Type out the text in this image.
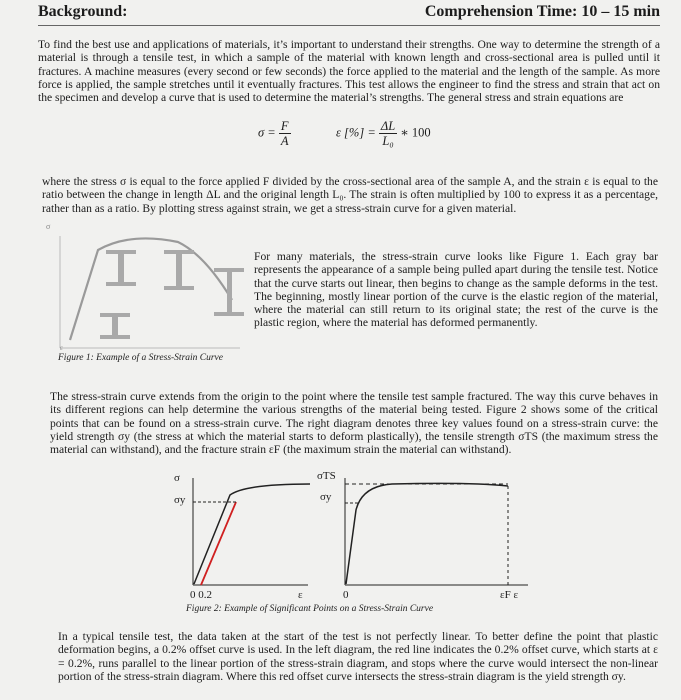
Background:	Comprehension Time: 10 – 15 min

To find the best use and applications of materials, it’s important to understand their strengths. One way to determine the strength of a material is through a tensile test, in which a sample of the material with known length and cross-sectional area is pulled until it fractures. A machine measures (every second or few seconds) the force applied to the material and the length of the sample. As more force is applied, the sample stretches until it eventually fractures. This test allows the engineer to find the stress and strain that act on the specimen and develop a curve that is used to determine the material’s strengths. The general stress and strain equations are

$\sigma = \frac{F}{A}$	ε [%] = $\frac{\Delta L}{\text{L₀}}$ ∗ 100

where the stress σ is equal to the force applied F divided by the cross-sectional area of the sample A, and the strain ε is equal to the ratio between the change in length ΔL and the original length L₀. The strain is often multiplied by 100 to express it as a percentage, rather than as a ratio. By plotting stress against strain, we get a stress-strain curve for a given material.

σ
ε
Figure 1: Example of a Stress-Strain Curve

For many materials, the stress-strain curve looks like Figure 1. Each gray bar represents the appearance of a sample being pulled apart during the tensile test. Notice that the curve starts out linear, then begins to change as the sample deforms in the test. The beginning, mostly linear portion of the curve is the elastic region of the material, where the material can still return to its original state; the rest of the curve is the plastic region, where the material has deformed permanently.

The stress-strain curve extends from the origin to the point where the tensile test sample fractured. The way this curve behaves in its different regions can help determine the various strengths of the material being tested. Figure 2 shows some of the critical points that can be found on a stress-strain curve. The right diagram denotes three key values found on a stress-strain curve: the yield strength σy (the stress at which the material starts to deform plastically), the tensile strength σTS (the maximum stress the material can withstand), and the fracture strain εF (the maximum strain the material can withstand).

σ
σy
0 0.2	ε
σTS
σy
0	εF ε
Figure 2: Example of Significant Points on a Stress-Strain Curve

In a typical tensile test, the data taken at the start of the test is not perfectly linear. To better define the point that plastic deformation begins, a 0.2% offset curve is used. In the left diagram, the red line indicates the 0.2% offset curve, which starts at ε = 0.2%, runs parallel to the linear portion of the stress-strain diagram, and stops where the curve would intersect the non-linear portion of the stress-strain diagram. Where this red offset curve intersects the stress-strain diagram is the yield strength σy.
